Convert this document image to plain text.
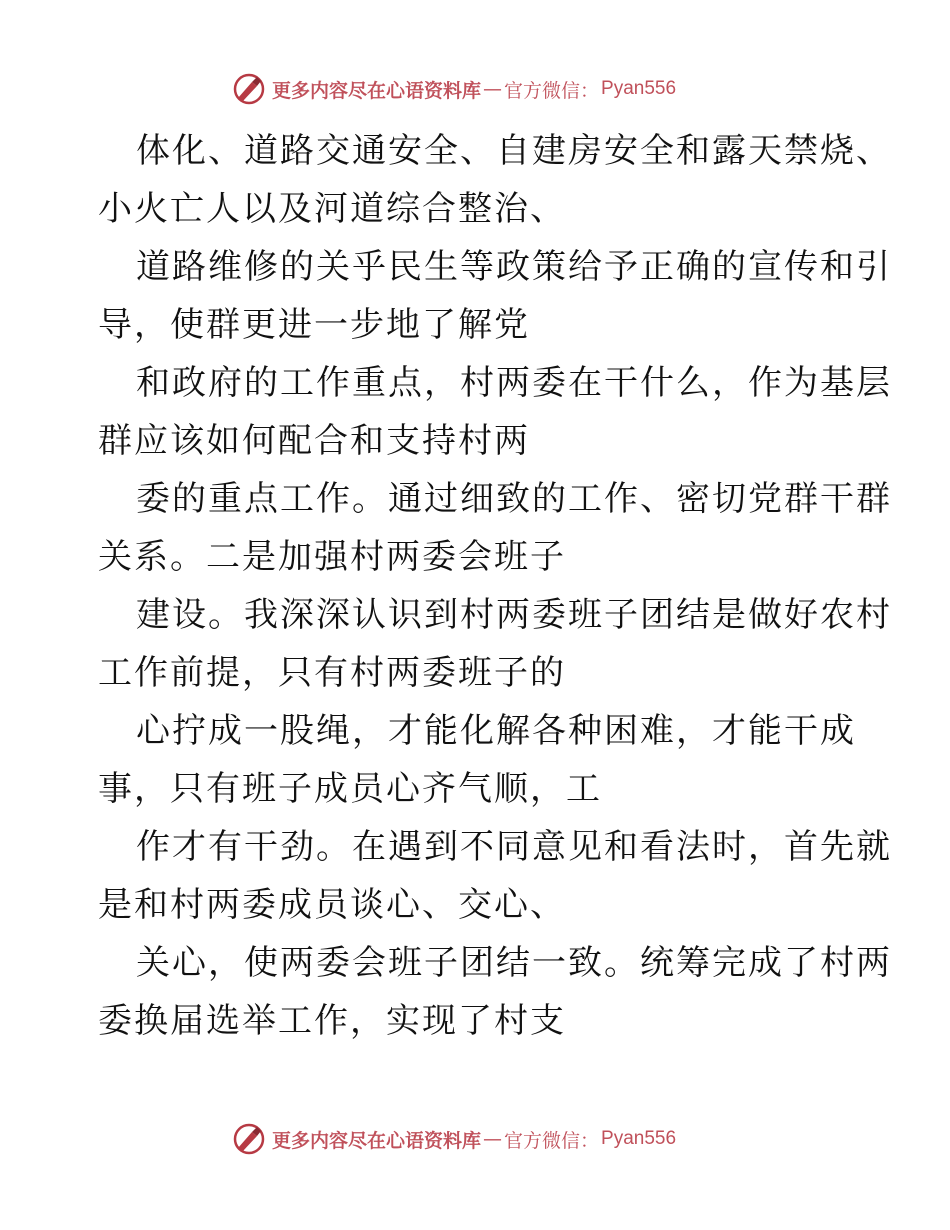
更多内容尽在心语资料库 — 官方微信： Pyan556
体化、道路交通安全、自建房安全和露天禁烧、
小火亡人以及河道综合整治、
道路维修的关乎民生等政策给予正确的宣传和引
导，使群更进一步地了解党
和政府的工作重点，村两委在干什么，作为基层
群应该如何配合和支持村两
委的重点工作。通过细致的工作、密切党群干群
关系。二是加强村两委会班子
建设。我深深认识到村两委班子团结是做好农村
工作前提，只有村两委班子的
心拧成一股绳，才能化解各种困难，才能干成
事，只有班子成员心齐气顺，工
作才有干劲。在遇到不同意见和看法时，首先就
是和村两委成员谈心、交心、
关心，使两委会班子团结一致。统筹完成了村两
委换届选举工作，实现了村支
更多内容尽在心语资料库 — 官方微信： Pyan556
